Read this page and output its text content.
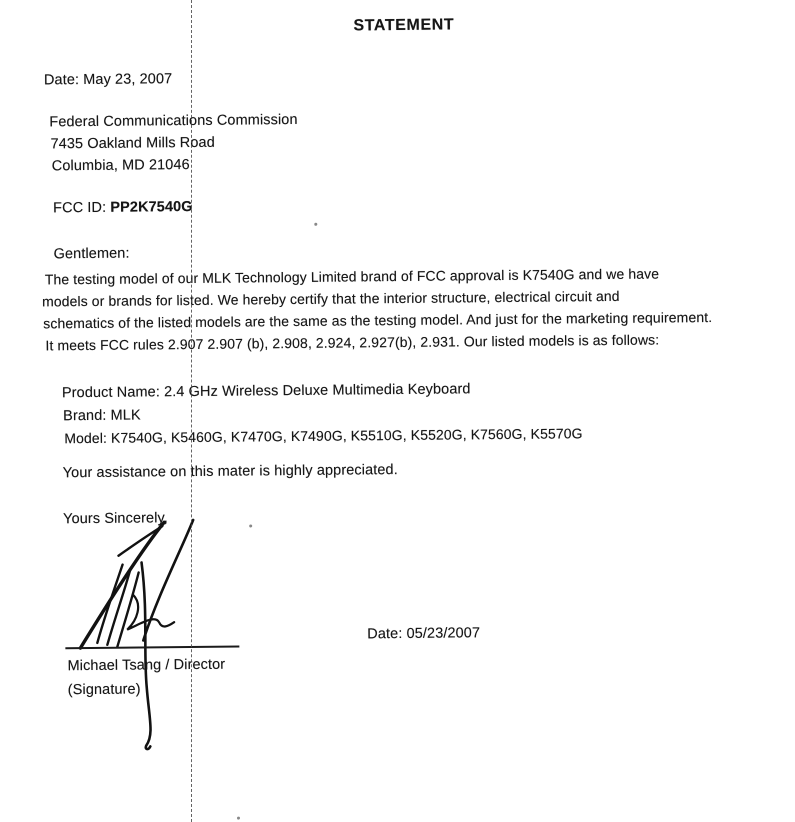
STATEMENT
Date: May 23, 2007
Federal Communications Commission
7435 Oakland Mills Road
Columbia, MD 21046
FCC ID: PP2K7540G
Gentlemen:
The testing model of our MLK Technology Limited brand of FCC approval is K7540G and we have
models or brands for listed. We hereby certify that the interior structure, electrical circuit and
schematics of the listed models are the same as the testing model. And just for the marketing requirement.
It meets FCC rules 2.907 2.907 (b), 2.908, 2.924, 2.927(b), 2.931. Our listed models is as follows:
Product Name: 2.4 GHz Wireless Deluxe Multimedia Keyboard
Brand: MLK
Model: K7540G, K5460G, K7470G, K7490G, K5510G, K5520G, K7560G, K5570G
Your assistance on this mater is highly appreciated.
Yours Sincerely,
Date: 05/23/2007
Michael Tsang / Director
(Signature)
